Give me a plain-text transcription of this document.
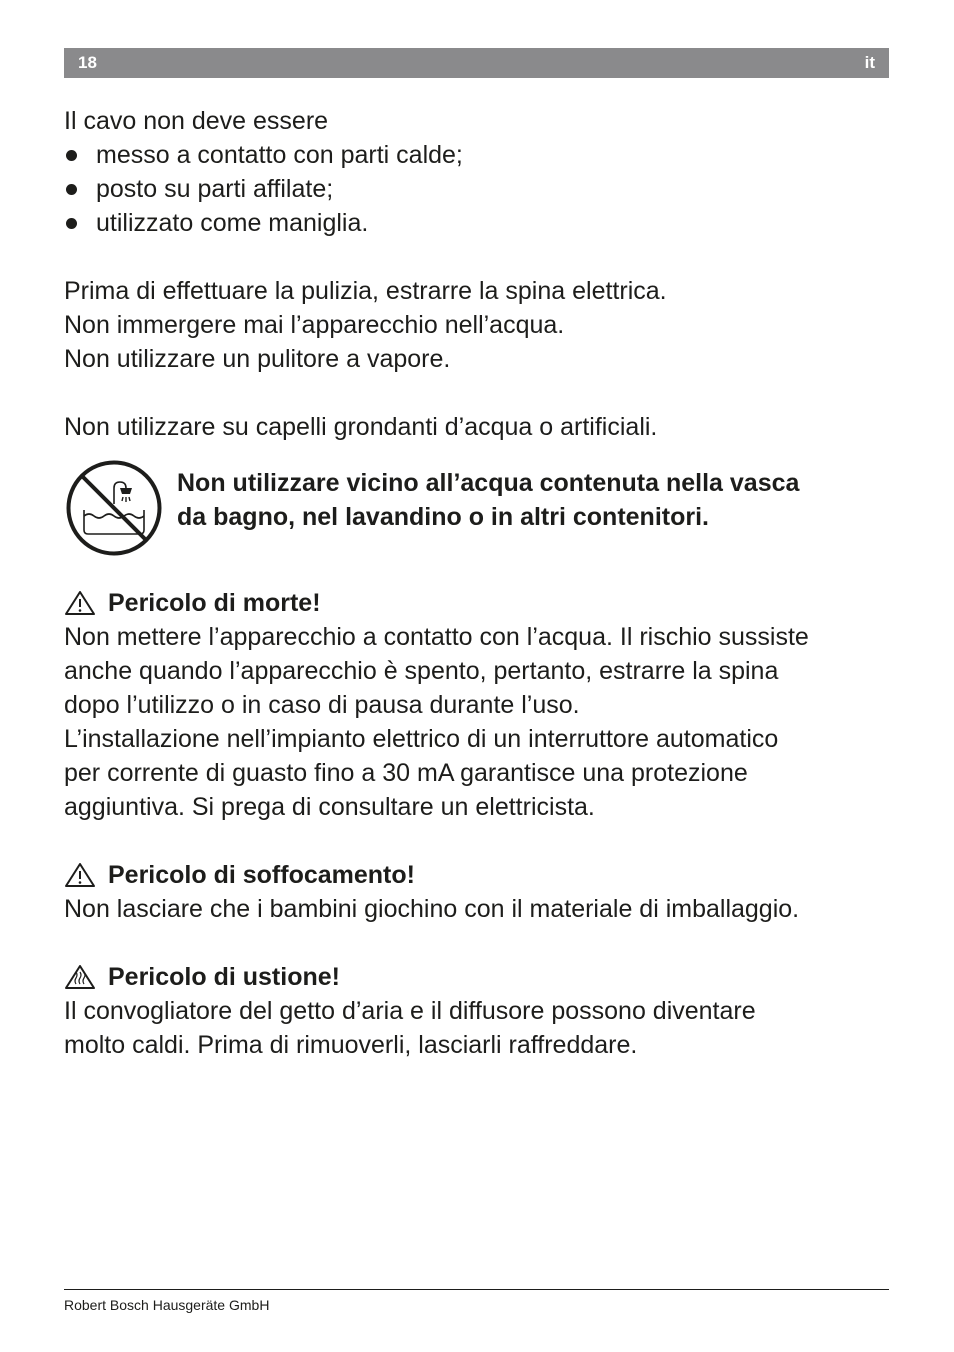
18	it
Il cavo non deve essere
messo a contatto con parti calde;
posto su parti affilate;
utilizzato come maniglia.
Prima di effettuare la pulizia, estrarre la spina elettrica.
Non immergere mai l’apparecchio nell’acqua.
Non utilizzare un pulitore a vapore.
Non utilizzare su capelli grondanti d’acqua o artificiali.
Non utilizzare vicino all’acqua contenuta nella vasca
da bagno, nel lavandino o in altri contenitori.
Pericolo di morte!
Non mettere l’apparecchio a contatto con l’acqua. Il rischio sussiste
anche quando l’apparecchio è spento, pertanto, estrarre la spina
dopo l’utilizzo o in caso di pausa durante l’uso.
L’installazione nell’impianto elettrico di un interruttore automatico
per corrente di guasto fino a 30 mA garantisce una protezione
aggiuntiva. Si prega di consultare un elettricista.
Pericolo di soffocamento!
Non lasciare che i bambini giochino con il materiale di imballaggio.
Pericolo di ustione!
Il convogliatore del getto d’aria e il diffusore possono diventare
molto caldi. Prima di rimuoverli, lasciarli raffreddare.
Robert Bosch Hausgeräte GmbH
